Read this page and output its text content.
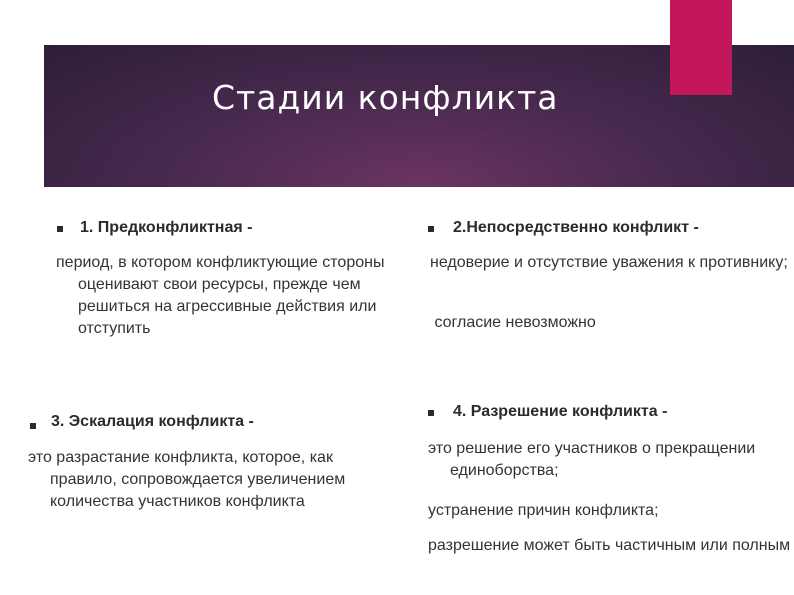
Стадии конфликта

1. Предконфликтная -

период, в котором конфликтующие стороны оценивают свои ресурсы, прежде чем решиться на агрессивные действия или отступить

2.Непосредственно конфликт -

недоверие и отсутствие уважения к противнику;

согласие невозможно

3. Эскалация конфликта -

это разрастание конфликта, которое, как правило, сопровождается увеличением количества участников конфликта

4. Разрешение конфликта -

это решение его участников о прекращении единоборства;

устранение причин конфликта;

разрешение может быть частичным или полным
